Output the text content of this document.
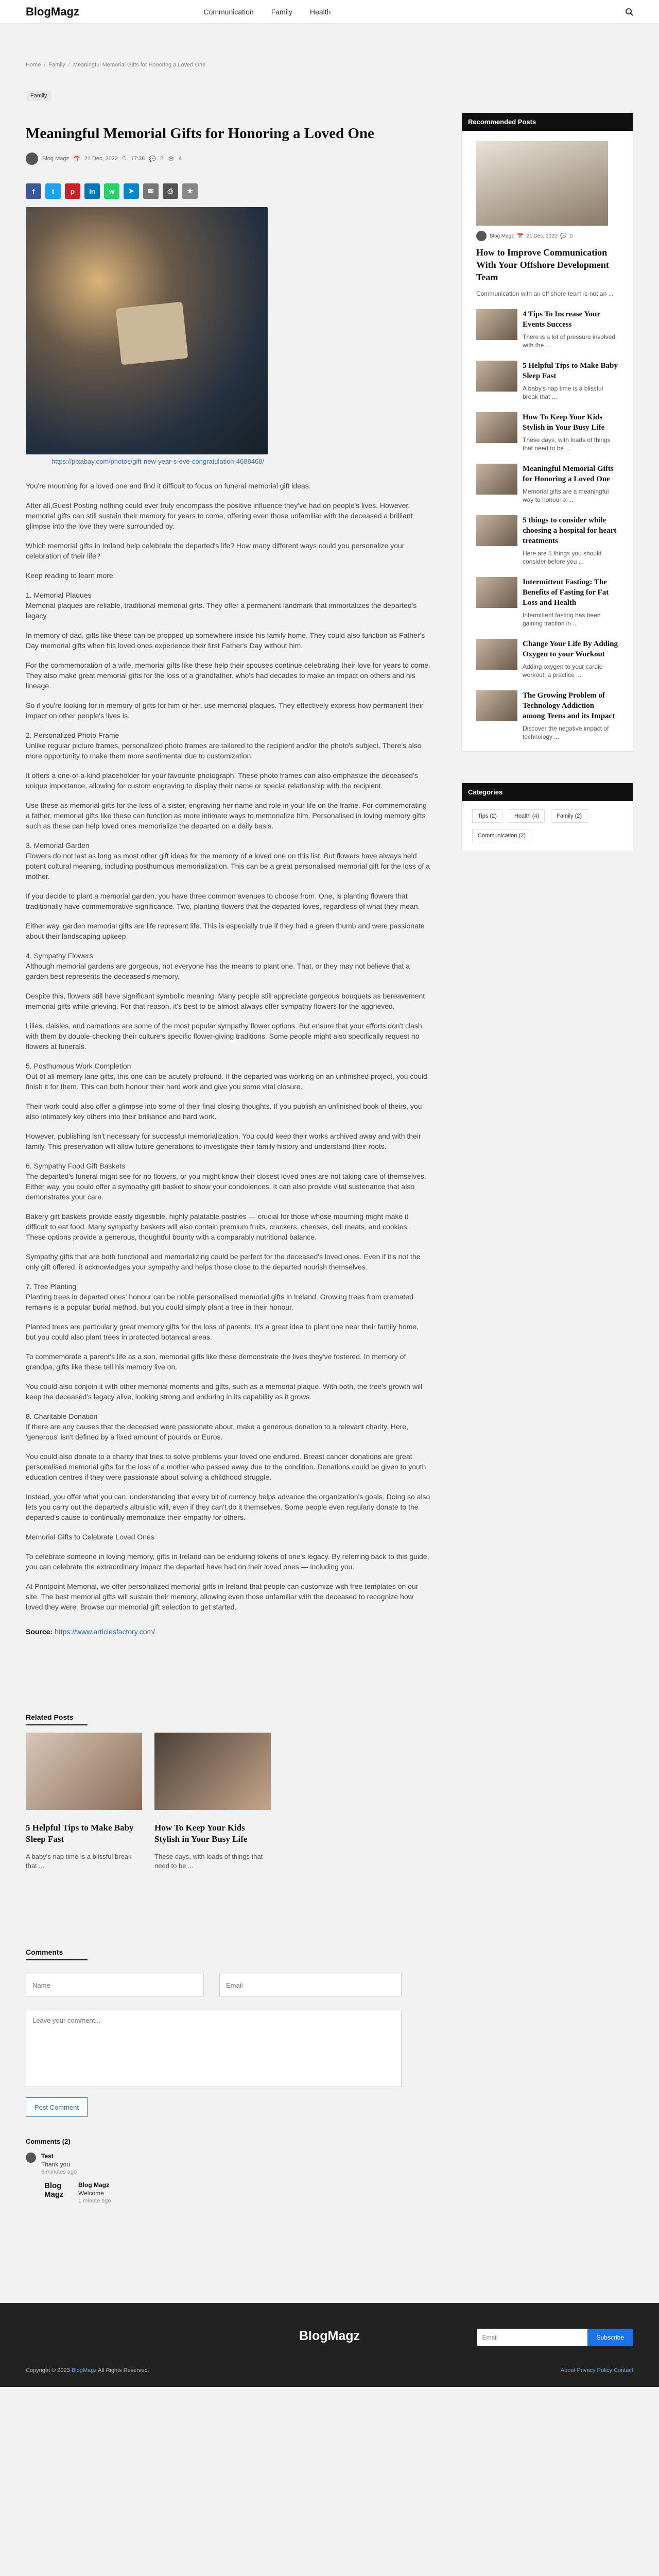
BlogMagz	Communication Family Health
Home / Family / Meaningful Memorial Gifts for Honoring a Loved One
Family
Meaningful Memorial Gifts for Honoring a Loved One
Blog Magz 📅 21 Dec, 2022 ⏱ 17:38 💬 2 👁 4
f	t	p	in	w	➤	✉	⎙	★
https://pixabay.com/photos/gift-new-year-s-eve-congratulation-4688468/

You're mourning for a loved one and find it difficult to focus on funeral memorial gift ideas.

After all,Guest Posting nothing could ever truly encompass the positive influence they've had on people's lives. However, memorial gifts can still sustain their memory for years to come, offering even those unfamiliar with the deceased a brilliant glimpse into the love they were surrounded by.

Which memorial gifts in Ireland help celebrate the departed's life? How many different ways could you personalize your celebration of their life?

Keep reading to learn more.

1. Memorial Plaques
Memorial plaques are reliable, traditional memorial gifts. They offer a permanent landmark that immortalizes the departed's legacy.

In memory of dad, gifts like these can be propped up somewhere inside his family home. They could also function as Father's Day memorial gifts when his loved ones experience their first Father's Day without him.

For the commemoration of a wife, memorial gifts like these help their spouses continue celebrating their love for years to come. They also make great memorial gifts for the loss of a grandfather, who's had decades to make an impact on others and his lineage.

So if you're looking for in memory of gifts for him or her, use memorial plaques. They effectively express how permanent their impact on other people's lives is.

2. Personalized Photo Frame
Unlike regular picture frames, personalized photo frames are tailored to the recipient and/or the photo's subject. There's also more opportunity to make them more sentimental due to customization.

It offers a one-of-a-kind placeholder for your favourite photograph. These photo frames can also emphasize the deceased's unique importance, allowing for custom engraving to display their name or special relationship with the recipient.

Use these as memorial gifts for the loss of a sister, engraving her name and role in your life on the frame. For commemorating a father, memorial gifts like these can function as more intimate ways to memorialize him. Personalised in loving memory gifts such as these can help loved ones memorialize the departed on a daily basis.

3. Memorial Garden
Flowers do not last as long as most other gift ideas for the memory of a loved one on this list. But flowers have always held potent cultural meaning, including posthumous memorialization. This can be a great personalised memorial gift for the loss of a mother.

If you decide to plant a memorial garden, you have three common avenues to choose from. One, is planting flowers that traditionally have commemorative significance. Two, planting flowers that the departed loves, regardless of what they mean.

Either way, garden memorial gifts are life represent life. This is especially true if they had a green thumb and were passionate about their landscaping upkeep.

4. Sympathy Flowers
Although memorial gardens are gorgeous, not everyone has the means to plant one. That, or they may not believe that a garden best represents the deceased's memory.

Despite this, flowers still have significant symbolic meaning. Many people still appreciate gorgeous bouquets as bereavement memorial gifts while grieving. For that reason, it's best to be almost always offer sympathy flowers for the aggrieved.

Lilies, daisies, and carnations are some of the most popular sympathy flower options. But ensure that your efforts don't clash with them by double-checking their culture's specific flower-giving traditions. Some people might also specifically request no flowers at funerals.

5. Posthumous Work Completion
Out of all memory lane gifts, this one can be acutely profound. If the departed was working on an unfinished project, you could finish it for them. This can both honour their hard work and give you some vital closure.

Their work could also offer a glimpse into some of their final closing thoughts. If you publish an unfinished book of theirs, you also intimately key others into their brilliance and hard work.

However, publishing isn't necessary for successful memorialization. You could keep their works archived away and with their family. This preservation will allow future generations to investigate their family history and understand their roots.

6. Sympathy Food Gift Baskets
The departed's funeral might see for no flowers, or you might know their closest loved ones are not taking care of themselves. Either way, you could offer a sympathy gift basket to show your condolences. It can also provide vital sustenance that also demonstrates your care.

Bakery gift baskets provide easily digestible, highly palatable pastries — crucial for those whose mourning might make it difficult to eat food. Many sympathy baskets will also contain premium fruits, crackers, cheeses, deli meats, and cookies. These options provide a generous, thoughtful bounty with a comparably nutritional balance.

Sympathy gifts that are both functional and memorializing could be perfect for the deceased's loved ones. Even if it's not the only gift offered, it acknowledges your sympathy and helps those close to the departed nourish themselves.

7. Tree Planting
Planting trees in departed ones' honour can be noble personalised memorial gifts in Ireland. Growing trees from cremated remains is a popular burial method, but you could simply plant a tree in their honour.

Planted trees are particularly great memory gifts for the loss of parents. It's a great idea to plant one near their family home, but you could also plant trees in protected botanical areas.

To commemorate a parent's life as a son, memorial gifts like these demonstrate the lives they've fostered. In memory of grandpa, gifts like these tell his memory live on.

You could also conjoin it with other memorial moments and gifts, such as a memorial plaque. With both, the tree's growth will keep the deceased's legacy alive, looking strong and enduring in its capability as it grows.

8. Charitable Donation
If there are any causes that the deceased were passionate about, make a generous donation to a relevant charity. Here, 'generous' isn't defined by a fixed amount of pounds or Euros.

You could also donate to a charity that tries to solve problems your loved one endured. Breast cancer donations are great personalised memorial gifts for the loss of a mother who passed away due to the condition. Donations could be given to youth education centres if they were passionate about solving a childhood struggle.

Instead, you offer what you can, understanding that every bit of currency helps advance the organization's goals. Doing so also lets you carry out the departed's altruistic will, even if they can't do it themselves. Some people even regularly donate to the departed's cause to continually memorialize their empathy for others.

Memorial Gifts to Celebrate Loved Ones

To celebrate someone in loving memory, gifts in Ireland can be enduring tokens of one's legacy. By referring back to this guide, you can celebrate the extraordinary impact the departed have had on their loved ones — including you.

At Printpoint Memorial, we offer personalized memorial gifts in Ireland that people can customize with free templates on our site. The best memorial gifts will sustain their memory, allowing even those unfamiliar with the deceased to recognize how loved they were. Browse our memorial gift selection to get started.

Source: https://www.articlesfactory.com/
Related Posts
5 Helpful Tips to Make Baby Sleep Fast
A baby's nap time is a blissful break that ...
How To Keep Your Kids Stylish in Your Busy Life
These days, with loads of things that need to be ...
Comments
Name
Email
Leave your comment... Post Comment
Comments (2)
Test
Thank you
6 minutes ago
Blog Magz
Blog Magz
Welcome
1 minute ago
Recommended Posts
Blog Magz 📅 21 Dec, 2022 💬 0
How to Improve Communication With Your Offshore Development Team
Communication with an off shore team is not an ...
4 Tips To Increase Your Events Success
There is a lot of pressure involved with the ...
5 Helpful Tips to Make Baby Sleep Fast
A baby's nap time is a blissful break that ...
How To Keep Your Kids Stylish in Your Busy Life
These days, with loads of things that need to be ...
Meaningful Memorial Gifts for Honoring a Loved One
Memorial gifts are a meaningful way to honour a ...
5 things to consider while choosing a hospital for heart treatments
Here are 5 things you should consider before you ...
Intermittent Fasting: The Benefits of Fasting for Fat Loss and Health
Intermittent fasting has been gaining traction in ...
Change Your Life By Adding Oxygen to your Workout
Adding oxygen to your cardio workout, a practice ...
The Growing Problem of Technology Addiction among Teens and its Impact
Discover the negative impact of technology ...
Categories
Tips (2)	Health (4)	Family (2)
Communication (2)
BlogMagz
Email	Subscribe
Copyright © 2023 BlogMagz All Rights Reserved.	About Privacy Policy Contact
